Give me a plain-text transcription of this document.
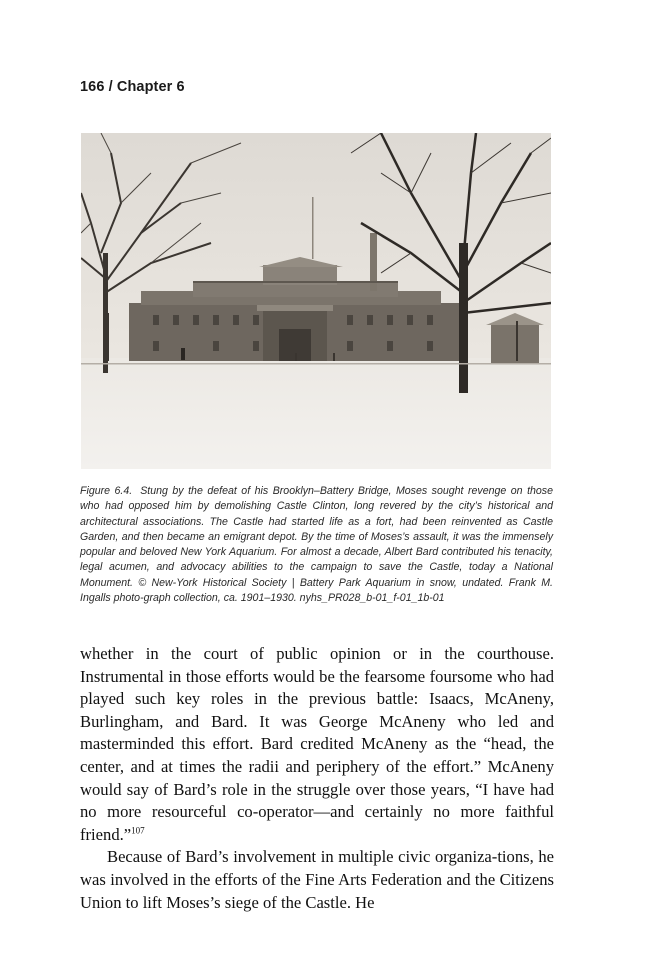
166 / Chapter 6
Figure 6.4. Stung by the defeat of his Brooklyn–Battery Bridge, Moses sought revenge on those who had opposed him by demolishing Castle Clinton, long revered by the city’s historical and architectural associations. The Castle had started life as a fort, had been reinvented as Castle Garden, and then became an emigrant depot. By the time of Moses’s assault, it was the immensely popular and beloved New York Aquarium. For almost a decade, Albert Bard contributed his tenacity, legal acumen, and advocacy abilities to the campaign to save the Castle, today a National Monument. © New-York Historical Society | Battery Park Aquarium in snow, undated. Frank M. Ingalls photo-graph collection, ca. 1901–1930. nyhs_PR028_b-01_f-01_1b-01

whether in the court of public opinion or in the courthouse. Instrumental in those efforts would be the fearsome foursome who had played such key roles in the previous battle: Isaacs, McAneny, Burlingham, and Bard. It was George McAneny who led and masterminded this effort. Bard credited McAneny as the “head, the center, and at times the radii and periphery of the effort.” McAneny would say of Bard’s role in the struggle over those years, “I have had no more resourceful co-operator—and certainly no more faithful friend.”$^{107}$

Because of Bard’s involvement in multiple civic organiza-tions, he was involved in the efforts of the Fine Arts Federation and the Citizens Union to lift Moses’s siege of the Castle. He
